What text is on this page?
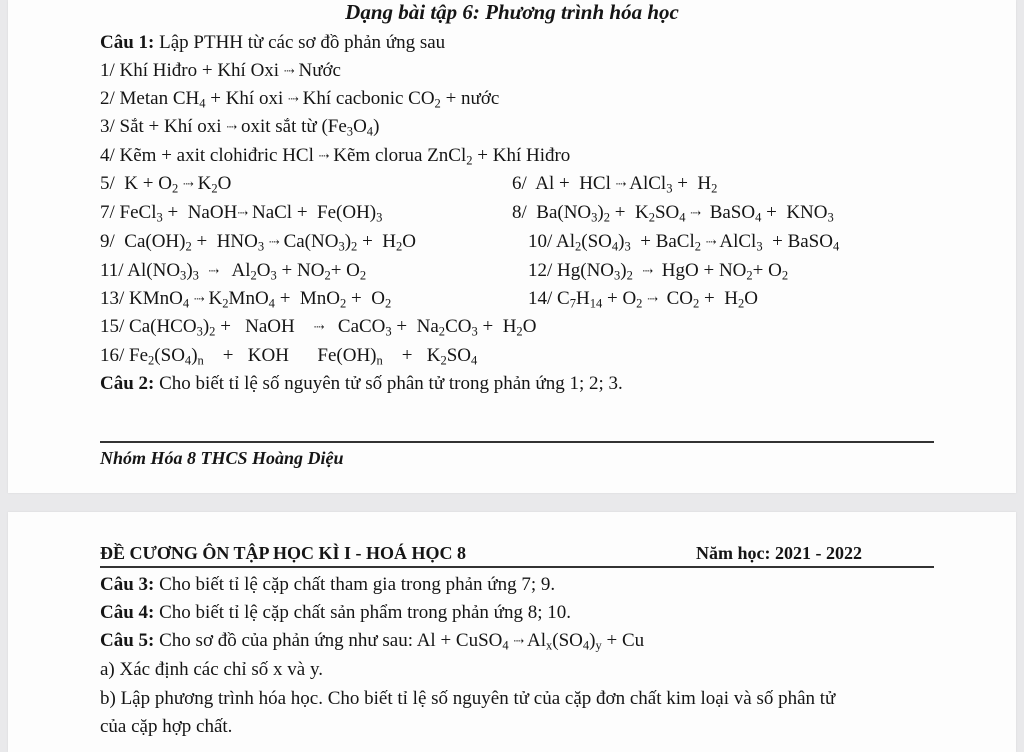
Dạng bài tập 6: Phương trình hóa học
Câu 1: Lập PTHH từ các sơ đồ phản ứng sau
1/ Khí Hiđro + Khí Oxi ⇢ Nước
2/ Metan $CH_4$ + Khí oxi ⇢ Khí cacbonic $CO_2$ + nước
3/ Sắt + Khí oxi ⇢ oxit sắt từ $(Fe_3O_4)$
4/ Kẽm + axit clohiđric HCl ⇢ Kẽm clorua ZnCl$_2$ + Khí Hiđro
5/  $K + O_2$ ⇢ $K_2O$	6/  Al +  HCl ⇢ AlCl$_3$ +  $H_2$
7/ FeCl$_3$ +  NaOH⇢ NaCl +  $Fe(OH)_3$	8/  $Ba(NO_3)_2 + K_2SO_4$ ⇢  BaSO$_4$ +  $KNO_3$
9/  $Ca(OH)_2 + HNO_3$ ⇢ $Ca(NO_3)_2 + H_2O$	10/ $Al_2(SO_4)_3$  + BaCl$_2$ ⇢ AlCl$_3$  + BaSO$_4$
11/ $Al(NO_3)_3$ ⇢   $Al_2O_3 + NO_2+ O_2$	12/ $Hg(NO_3)_2$ ⇢  HgO + $NO_2+ O_2$
13/ KMnO$_4$ ⇢ $K_2MnO_4 + MnO_2 + O_2$	14/ $C_7H_{14} + O_2$ ⇢  $CO_2 + H_2O$
15/ $Ca(HCO_3)_2$ +   NaOH    ⇢   CaCO$_3$ +  $Na_2CO_3 + H_2O$
16/ $Fe_2(SO_4)_n$    +   KOH      $Fe(OH)_n$    +   $K_2SO_4$
Câu 2: Cho biết tỉ lệ số nguyên tử số phân tử trong phản ứng 1; 2; 3.
Nhóm Hóa 8 THCS Hoàng Diệu
ĐỀ CƯƠNG ÔN TẬP HỌC KÌ I - HOÁ HỌC 8	Năm học: 2021 - 2022
Câu 3: Cho biết tỉ lệ cặp chất tham gia trong phản ứng 7; 9.
Câu 4: Cho biết tỉ lệ cặp chất sản phẩm trong phản ứng 8; 10.
Câu 5: Cho sơ đồ của phản ứng như sau: Al + CuSO$_4$ ⇢ $Al_x(SO_4)_y + Cu$
a) Xác định các chỉ số x và y.
b) Lập phương trình hóa học. Cho biết tỉ lệ số nguyên tử của cặp đơn chất kim loại và số phân tử
của cặp hợp chất.
